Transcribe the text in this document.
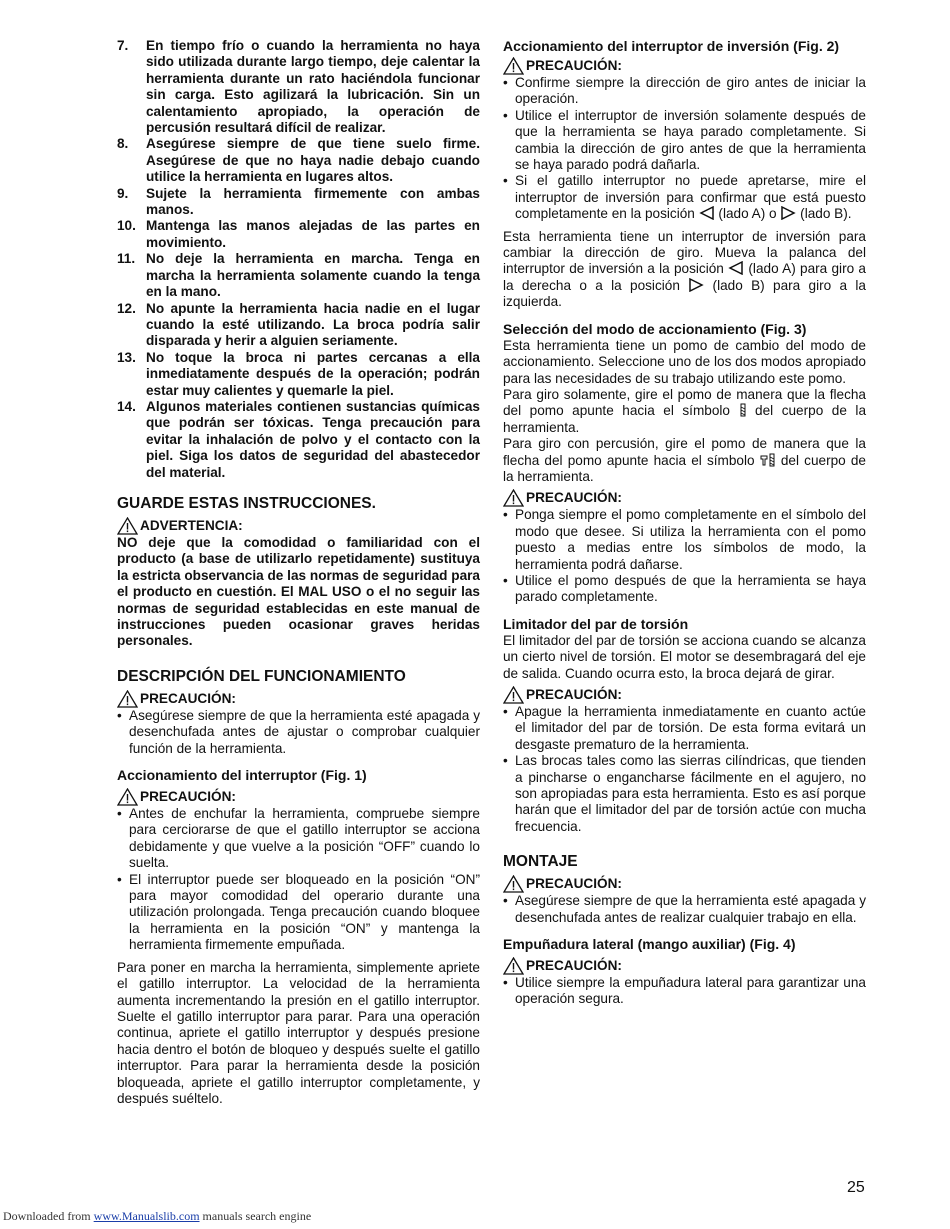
7. En tiempo frío o cuando la herramienta no haya sido utilizada durante largo tiempo, deje calentar la herramienta durante un rato haciéndola funcionar sin carga. Esto agilizará la lubricación. Sin un calentamiento apropiado, la operación de percusión resultará difícil de realizar.
8. Asegúrese siempre de que tiene suelo firme. Asegúrese de que no haya nadie debajo cuando utilice la herramienta en lugares altos.
9. Sujete la herramienta firmemente con ambas manos.
10. Mantenga las manos alejadas de las partes en movimiento.
11. No deje la herramienta en marcha. Tenga en marcha la herramienta solamente cuando la tenga en la mano.
12. No apunte la herramienta hacia nadie en el lugar cuando la esté utilizando. La broca podría salir disparada y herir a alguien seriamente.
13. No toque la broca ni partes cercanas a ella inmediatamente después de la operación; podrán estar muy calientes y quemarle la piel.
14. Algunos materiales contienen sustancias químicas que podrán ser tóxicas. Tenga precaución para evitar la inhalación de polvo y el contacto con la piel. Siga los datos de seguridad del abastecedor del material.
GUARDE ESTAS INSTRUCCIONES.
ADVERTENCIA:

NO deje que la comodidad o familiaridad con el producto (a base de utilizarlo repetidamente) sustituya la estricta observancia de las normas de seguridad para el producto en cuestión. El MAL USO o el no seguir las normas de seguridad establecidas en este manual de instrucciones pueden ocasionar graves heridas personales.

DESCRIPCIÓN DEL FUNCIONAMIENTO
PRECAUCIÓN:
• Asegúrese siempre de que la herramienta esté apagada y desenchufada antes de ajustar o comprobar cualquier función de la herramienta.
Accionamiento del interruptor (Fig. 1)
PRECAUCIÓN:
• Antes de enchufar la herramienta, compruebe siempre para cerciorarse de que el gatillo interruptor se acciona debidamente y que vuelve a la posición “OFF” cuando lo suelta.
• El interruptor puede ser bloqueado en la posición “ON” para mayor comodidad del operario durante una utilización prolongada. Tenga precaución cuando bloquee la herramienta en la posición “ON” y mantenga la herramienta firmemente empuñada.

Para poner en marcha la herramienta, simplemente apriete el gatillo interruptor. La velocidad de la herramienta aumenta incrementando la presión en el gatillo interruptor. Suelte el gatillo interruptor para parar. Para una operación continua, apriete el gatillo interruptor y después presione hacia dentro el botón de bloqueo y después suelte el gatillo interruptor. Para parar la herramienta desde la posición bloqueada, apriete el gatillo interruptor completamente, y después suéltelo.

Accionamiento del interruptor de inversión (Fig. 2)
PRECAUCIÓN:
• Confirme siempre la dirección de giro antes de iniciar la operación.
• Utilice el interruptor de inversión solamente después de que la herramienta se haya parado completamente. Si cambia la dirección de giro antes de que la herramienta se haya parado podrá dañarla.
• Si el gatillo interruptor no puede apretarse, mire el interruptor de inversión para confirmar que está puesto completamente en la posición (lado A) o (lado B).

Esta herramienta tiene un interruptor de inversión para cambiar la dirección de giro. Mueva la palanca del interruptor de inversión a la posición (lado A) para giro a la derecha o a la posición (lado B) para giro a la izquierda.

Selección del modo de accionamiento (Fig. 3)

Esta herramienta tiene un pomo de cambio del modo de accionamiento. Seleccione uno de los dos modos apropiado para las necesidades de su trabajo utilizando este pomo.

Para giro solamente, gire el pomo de manera que la flecha del pomo apunte hacia el símbolo del cuerpo de la herramienta.

Para giro con percusión, gire el pomo de manera que la flecha del pomo apunte hacia el símbolo del cuerpo de la herramienta.

PRECAUCIÓN:
• Ponga siempre el pomo completamente en el símbolo del modo que desee. Si utiliza la herramienta con el pomo puesto a medias entre los símbolos de modo, la herramienta podrá dañarse.
• Utilice el pomo después de que la herramienta se haya parado completamente.
Limitador del par de torsión

El limitador del par de torsión se acciona cuando se alcanza un cierto nivel de torsión. El motor se desembragará del eje de salida. Cuando ocurra esto, la broca dejará de girar.

PRECAUCIÓN:
• Apague la herramienta inmediatamente en cuanto actúe el limitador del par de torsión. De esta forma evitará un desgaste prematuro de la herramienta.
• Las brocas tales como las sierras cilíndricas, que tienden a pincharse o engancharse fácilmente en el agujero, no son apropiadas para esta herramienta. Esto es así porque harán que el limitador del par de torsión actúe con mucha frecuencia.
MONTAJE
PRECAUCIÓN:
• Asegúrese siempre de que la herramienta esté apagada y desenchufada antes de realizar cualquier trabajo en ella.
Empuñadura lateral (mango auxiliar) (Fig. 4)
PRECAUCIÓN:
• Utilice siempre la empuñadura lateral para garantizar una operación segura.
25
Downloaded from www.Manualslib.com manuals search engine
